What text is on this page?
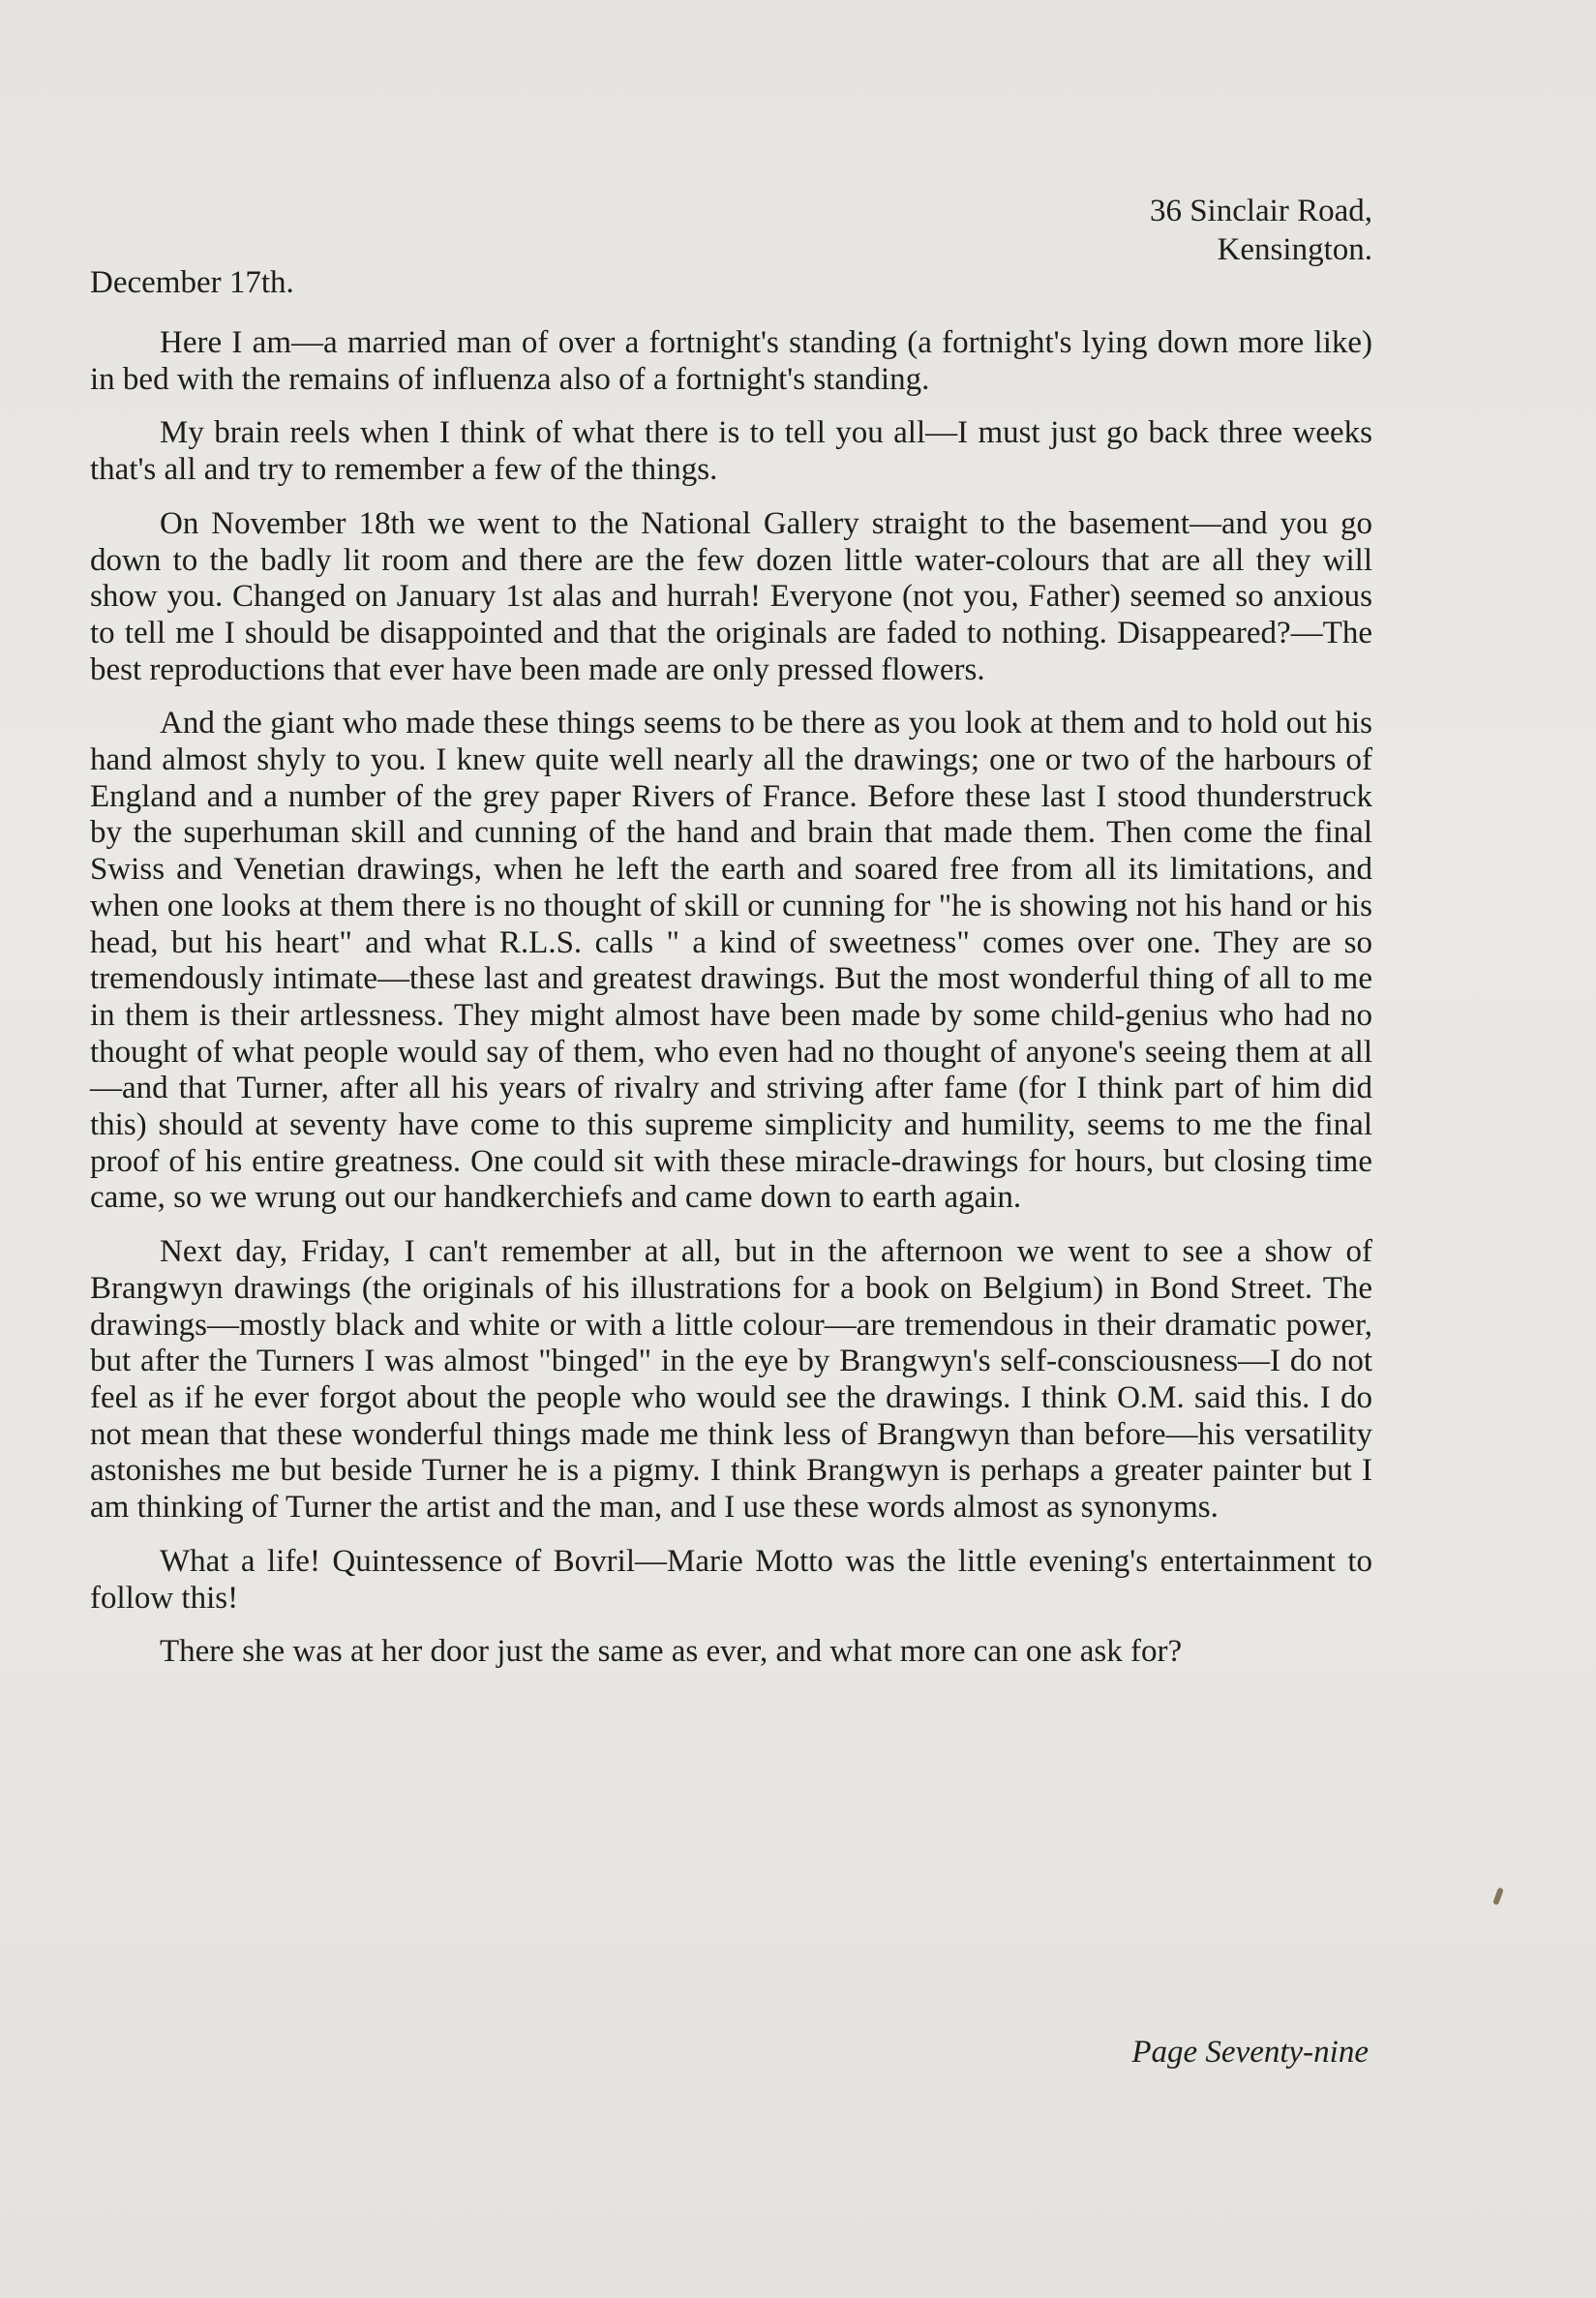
36 Sinclair Road,
Kensington.
December 17th.

Here I am—a married man of over a fortnight's standing (a fortnight's lying down more like) in bed with the remains of influenza also of a fortnight's standing.

My brain reels when I think of what there is to tell you all—I must just go back three weeks that's all and try to remember a few of the things.

On November 18th we went to the National Gallery straight to the basement—and you go down to the badly lit room and there are the few dozen little water-colours that are all they will show you. Changed on January 1st alas and hurrah! Everyone (not you, Father) seemed so anxious to tell me I should be disappointed and that the originals are faded to nothing. Disappeared?—The best reproductions that ever have been made are only pressed flowers.

And the giant who made these things seems to be there as you look at them and to hold out his hand almost shyly to you. I knew quite well nearly all the drawings; one or two of the harbours of England and a number of the grey paper Rivers of France. Before these last I stood thunderstruck by the superhuman skill and cunning of the hand and brain that made them. Then come the final Swiss and Venetian drawings, when he left the earth and soared free from all its limitations, and when one looks at them there is no thought of skill or cunning for "he is showing not his hand or his head, but his heart" and what R.L.S. calls " a kind of sweetness" comes over one. They are so tremendously intimate—these last and greatest drawings. But the most wonderful thing of all to me in them is their artlessness. They might almost have been made by some child-genius who had no thought of what people would say of them, who even had no thought of anyone's seeing them at all—and that Turner, after all his years of rivalry and striving after fame (for I think part of him did this) should at seventy have come to this supreme simplicity and humility, seems to me the final proof of his entire greatness. One could sit with these miracle-drawings for hours, but closing time came, so we wrung out our handkerchiefs and came down to earth again.

Next day, Friday, I can't remember at all, but in the afternoon we went to see a show of Brangwyn drawings (the originals of his illustrations for a book on Belgium) in Bond Street. The drawings—mostly black and white or with a little colour—are tremendous in their dramatic power, but after the Turners I was almost "binged" in the eye by Brangwyn's self-consciousness—I do not feel as if he ever forgot about the people who would see the drawings. I think O.M. said this. I do not mean that these wonderful things made me think less of Brangwyn than before—his versatility astonishes me but beside Turner he is a pigmy. I think Brangwyn is perhaps a greater painter but I am thinking of Turner the artist and the man, and I use these words almost as synonyms.

What a life! Quintessence of Bovril—Marie Motto was the little evening's entertainment to follow this!

There she was at her door just the same as ever, and what more can one ask for?

Page Seventy-nine
